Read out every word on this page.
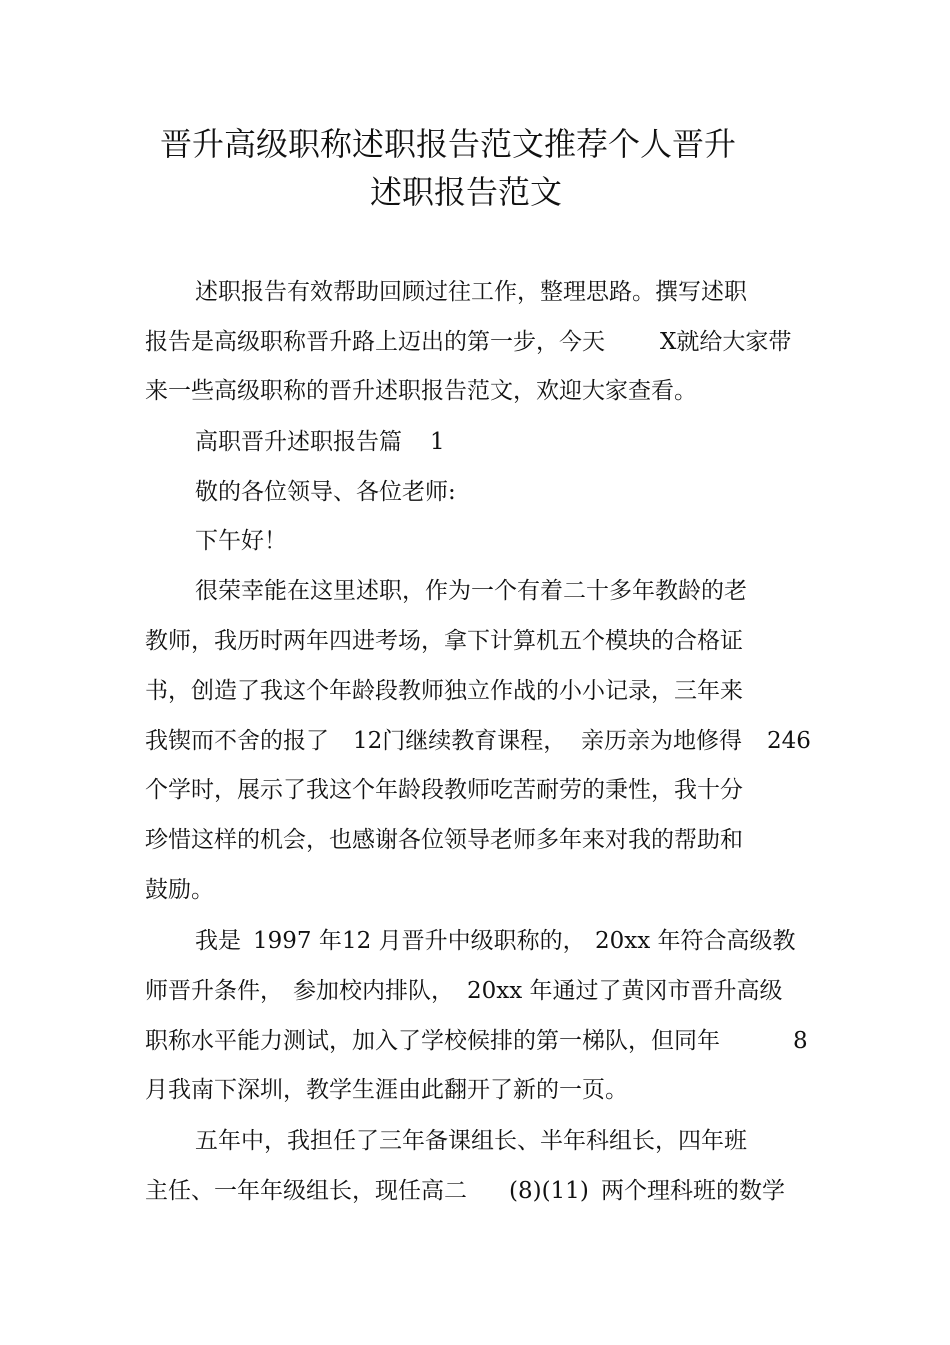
晋升高级职称述职报告范文推荐个人晋升
述职报告范文
述职报告有效帮助回顾过往工作，整理思路。撰写述职
报告是高级职称晋升路上迈出的第一步，今天 X就给大家带
来一些高级职称的晋升述职报告范文，欢迎大家查看。
高职晋升述职报告篇 1
敬的各位领导、各位老师:
下午好！
很荣幸能在这里述职，作为一个有着二十多年教龄的老
教师，我历时两年四进考场，拿下计算机五个模块的合格证
书，创造了我这个年龄段教师独立作战的小小记录，三年来
我锲而不舍的报了 12门继续教育课程， 亲历亲为地修得 246
个学时，展示了我这个年龄段教师吃苦耐劳的秉性，我十分
珍惜这样的机会，也感谢各位领导老师多年来对我的帮助和
鼓励。
我是 1997 年 12 月晋升中级职称的， 20xx 年符合高级教
师晋升条件， 参加校内排队， 20xx 年通过了黄冈市晋升高级
职称水平能力测试，加入了学校候排的第一梯队，但同年	8
月我南下深圳，教学生涯由此翻开了新的一页。
五年中，我担任了三年备课组长、半年科组长，四年班
主任、一年年级组长，现任高二 (8)(11) 两个理科班的数学
